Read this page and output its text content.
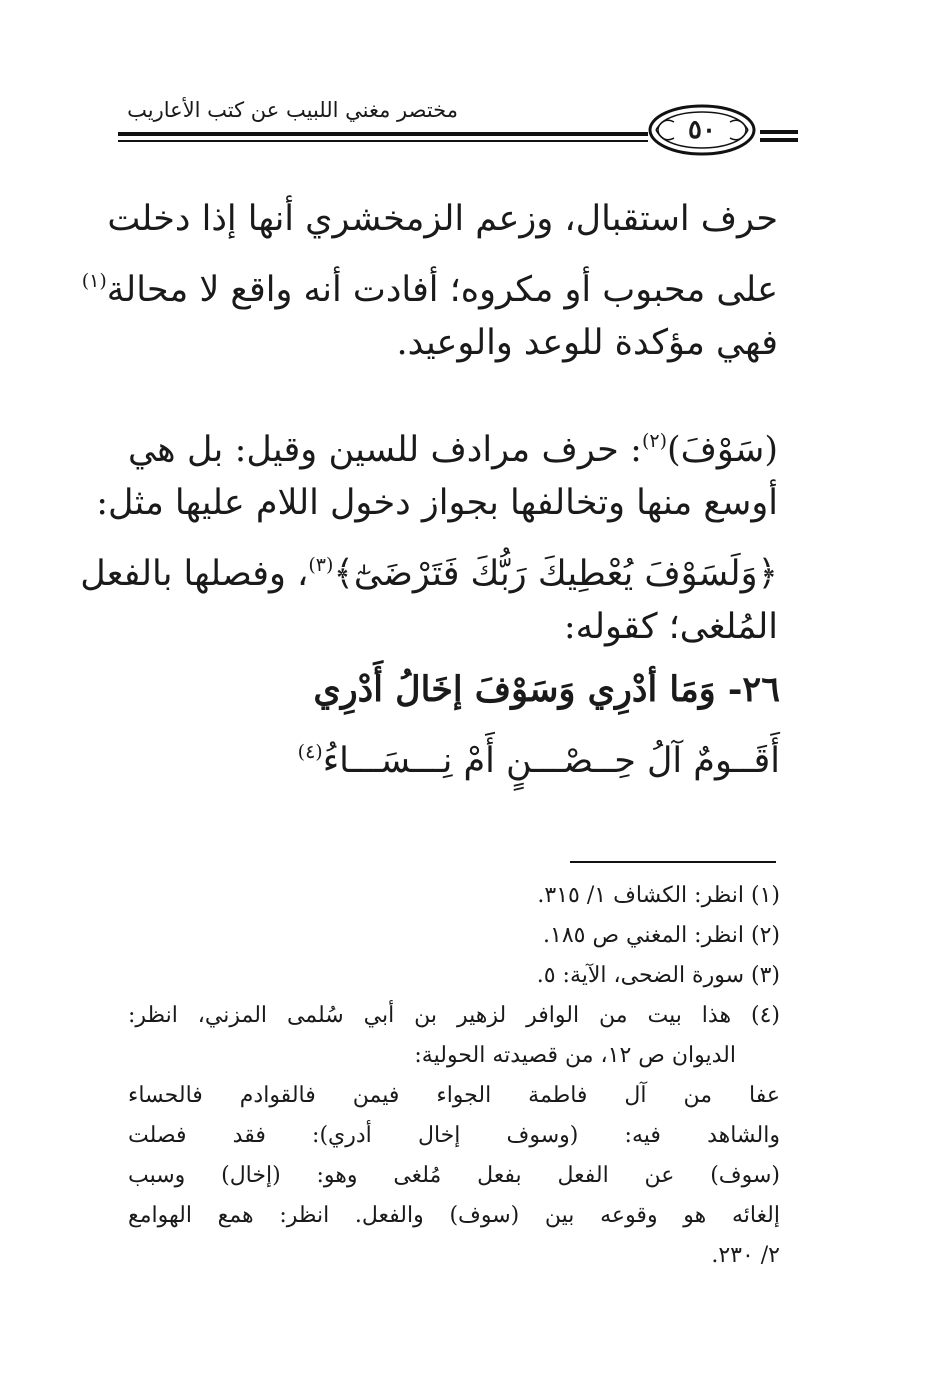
مختصر مغني اللبيب عن كتب الأعاريب
٥٠
حرف استقبال، وزعم الزمخشري أنها إذا دخلت
على محبوب أو مكروه؛ أفادت أنه واقع لا محالة$^{(١)}$
فهي مؤكدة للوعد والوعيد.
(سَوْفَ)$^{(٢)}$: حرف مرادف للسين وقيل: بل هي
أوسع منها وتخالفها بجواز دخول اللام عليها مثل:
﴿وَلَسَوْفَ يُعْطِيكَ رَبُّكَ فَتَرْضَىٰٓ﴾$^{(٣)}$، وفصلها بالفعل
المُلغى؛ كقوله:
٢٦- وَمَا أدْرِي وَسَوْفَ إخَالُ أَدْرِي
أَقَــومٌ آلُ حِــصْـــنٍ أَمْ نِـــسَـــاءُ$^{(٤)}$
(١) انظر: الكشاف ١/ ٣١٥.
(٢) انظر: المغني ص ١٨٥.
(٣) سورة الضحى، الآية: ٥.
(٤) هذا بيت من الوافر لزهير بن أبي سُلمى المزني، انظر:
الديوان ص ١٢، من قصيدته الحولية:
عفا من آل فاطمة الجواء فيمن فالقوادم فالحساء
والشاهد فيه: (وسوف إخال أدري): فقد فصلت
(سوف) عن الفعل بفعل مُلغى وهو: (إخال) وسبب
إلغائه هو وقوعه بين (سوف) والفعل. انظر: همع الهوامع
٢/ ٢٣٠.
